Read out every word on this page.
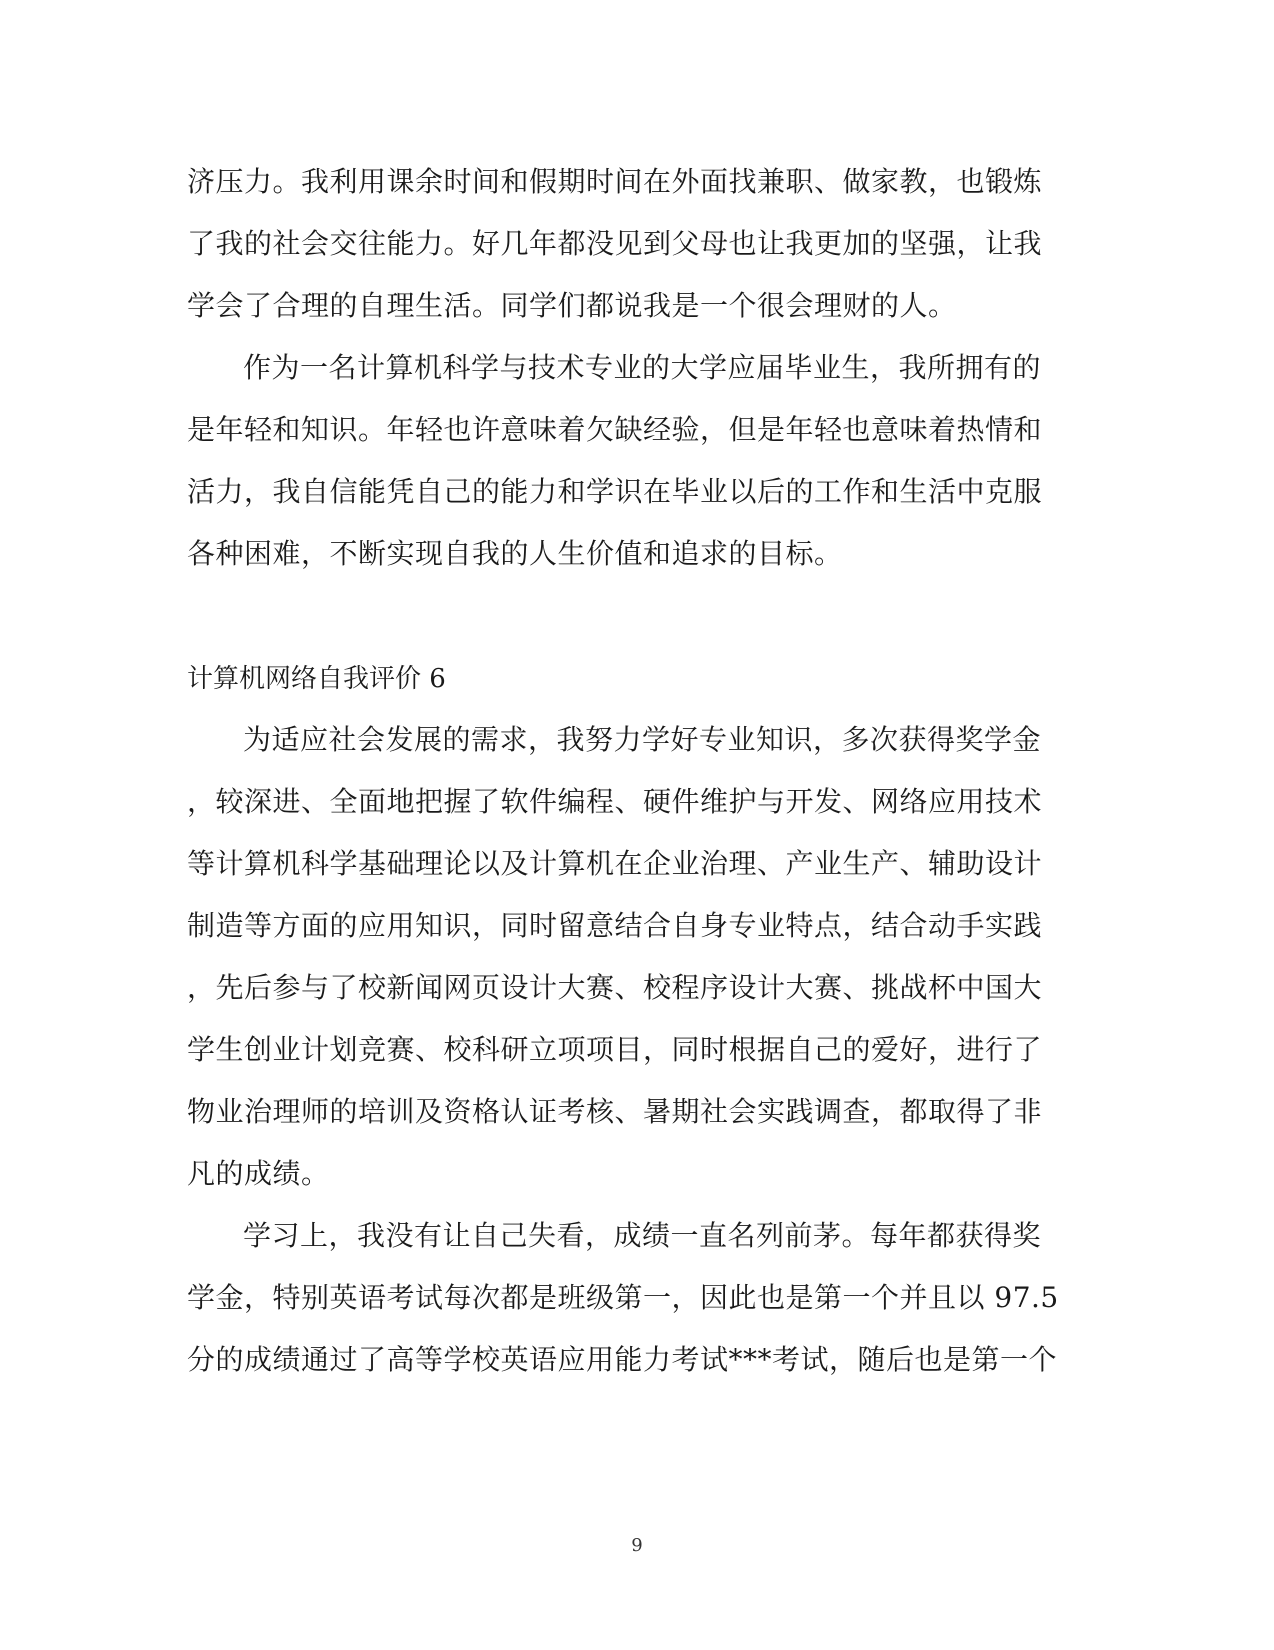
济压力。我利用课余时间和假期时间在外面找兼职、做家教，也锻炼
了我的社会交往能力。好几年都没见到父母也让我更加的坚强，让我
学会了合理的自理生活。同学们都说我是一个很会理财的人。
作为一名计算机科学与技术专业的大学应届毕业生，我所拥有的
是年轻和知识。年轻也许意味着欠缺经验，但是年轻也意味着热情和
活力，我自信能凭自己的能力和学识在毕业以后的工作和生活中克服
各种困难，不断实现自我的人生价值和追求的目标。
计算机网络自我评价 6
为适应社会发展的需求，我努力学好专业知识，多次获得奖学金
，较深进、全面地把握了软件编程、硬件维护与开发、网络应用技术
等计算机科学基础理论以及计算机在企业治理、产业生产、辅助设计
制造等方面的应用知识，同时留意结合自身专业特点，结合动手实践
，先后参与了校新闻网页设计大赛、校程序设计大赛、挑战杯中国大
学生创业计划竞赛、校科研立项项目，同时根据自己的爱好，进行了
物业治理师的培训及资格认证考核、暑期社会实践调查，都取得了非
凡的成绩。
学习上，我没有让自己失看，成绩一直名列前茅。每年都获得奖
学金，特别英语考试每次都是班级第一，因此也是第一个并且以 97.5
分的成绩通过了高等学校英语应用能力考试***考试，随后也是第一个
9
